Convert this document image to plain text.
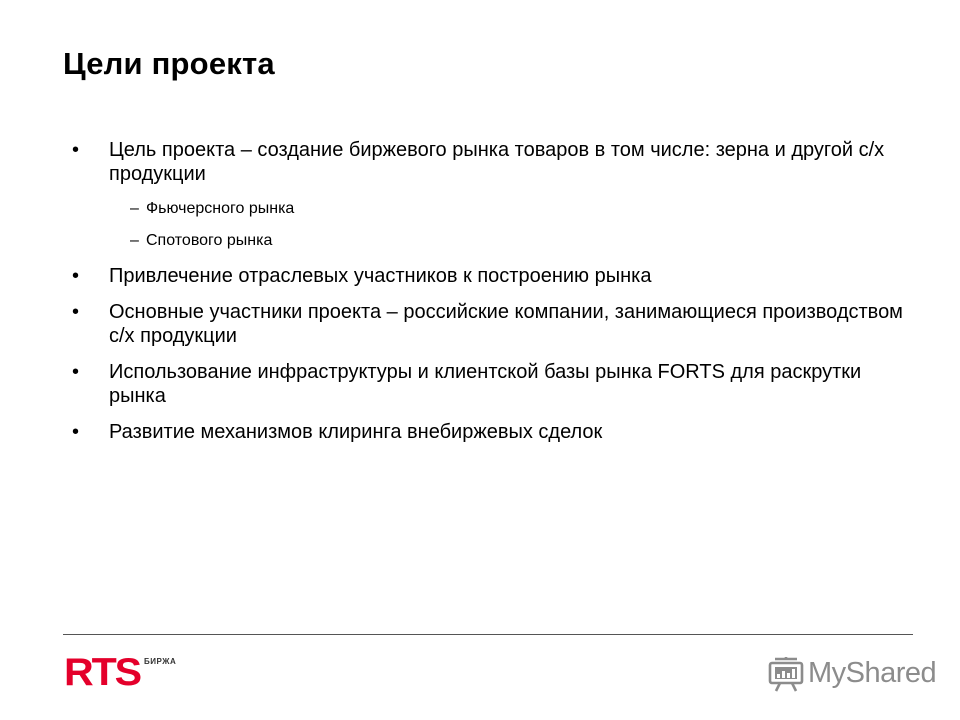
Цели проекта
• Цель проекта – создание биржевого рынка товаров в том числе: зерна и другой с/х продукции
– Фьючерсного рынка
– Спотового рынка
• Привлечение отраслевых участников к построению рынка
• Основные участники проекта – российские компании, занимающиеся производством с/х продукции
• Использование инфраструктуры и клиентской базы рынка FORTS для раскрутки рынка
• Развитие механизмов клиринга внебиржевых сделок
RTS БИРЖА	MyShared
